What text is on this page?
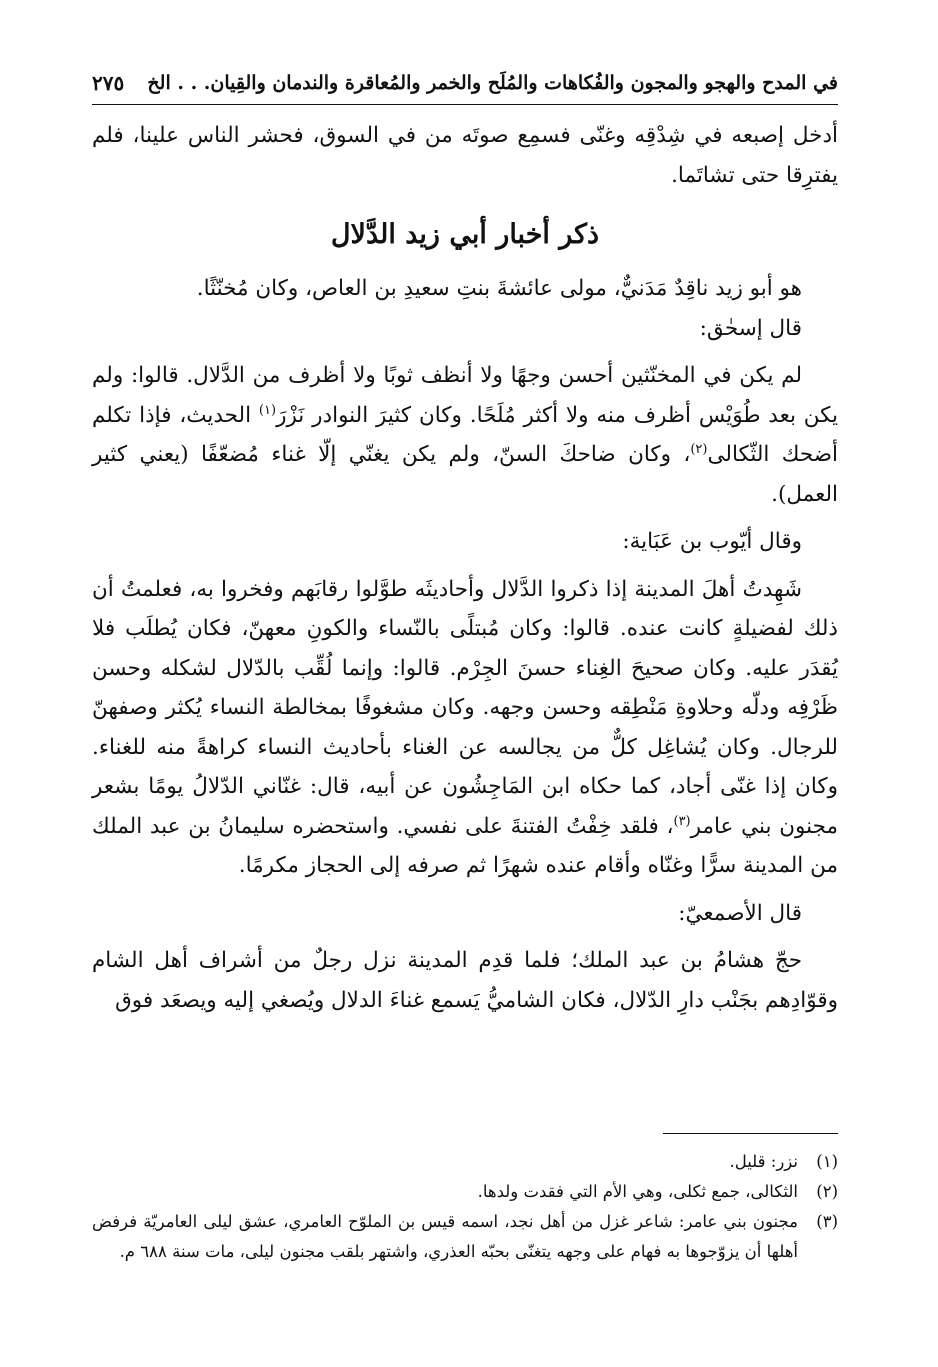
في المدح والهجو والمجون والفُكاهات والمُلَح والخمر والمُعاقرة والندمان والقِيان. . . الخ
٢٧٥

أدخل إصبعه في شِدْقِه وغنّى فسمِع صوتَه من في السوق، فحشر الناس علينا، فلم يفترِقا حتى تشاتَما.

ذكر أخبار أبي زيد الدَّلال

هو أبو زيد ناقِدٌ مَدَنيٌّ، مولى عائشةَ بنتِ سعيدِ بن العاص، وكان مُخنّثًا.

قال إسحٰق:

لم يكن في المخنّثين أحسن وجهًا ولا أنظف ثوبًا ولا أظرف من الدَّلال. قالوا: ولم يكن بعد طُوَيْس أظرف منه ولا أكثر مُلَحًا. وكان كثيرَ النوادر نَزْرَ$^{(١)}$ الحديث، فإذا تكلم أضحك الثّكالى$^{(٢)}$، وكان ضاحكَ السنّ، ولم يكن يغنّي إلّا غناء مُضعّفًا (يعني كثير العمل).

وقال أيّوب بن عَبَاية:

شَهِدتُ أهلَ المدينة إذا ذكروا الدَّلال وأحاديثَه طوَّلوا رقابَهم وفخروا به، فعلمتُ أن ذلك لفضيلةٍ كانت عنده. قالوا: وكان مُبتلًى بالنّساء والكونِ معهنّ، فكان يُطلَب فلا يُقدَر عليه. وكان صحيحَ الغِناء حسنَ الجِرْم. قالوا: وإنما لُقِّب بالدّلال لشكله وحسن ظَرْفِه ودلّه وحلاوةِ مَنْطِقه وحسن وجهه. وكان مشغوفًا بمخالطة النساء يُكثر وصفهنّ للرجال. وكان يُشاغِل كلٌّ من يجالسه عن الغناء بأحاديث النساء كراهةً منه للغناء. وكان إذا غنّى أجاد، كما حكاه ابن المَاجِشُون عن أبيه، قال: غنّاني الدّلالُ يومًا بشعر مجنون بني عامر$^{(٣)}$، فلقد خِفْتُ الفتنةَ على نفسي. واستحضره سليمانُ بن عبد الملك من المدينة سرًّا وغنّاه وأقام عنده شهرًا ثم صرفه إلى الحجاز مكرمًا.

قال الأصمعيّ:

حجّ هشامُ بن عبد الملك؛ فلما قدِم المدينة نزل رجلٌ من أشراف أهل الشام وقوّادِهم بجَنْب دارِ الدّلال، فكان الشاميُّ يَسمع غناءَ الدلال ويُصغي إليه ويصعَد فوق

(١)
نزر: قليل.
(٢)
الثكالى، جمع ثكلى، وهي الأم التي فقدت ولدها.
(٣)
مجنون بني عامر: شاعر غزل من أهل نجد، اسمه قيس بن الملوّح العامري، عشق ليلى العامريّة فرفض أهلها أن يزوّجوها به فهام على وجهه يتغنّى بحبّه العذري، واشتهر بلقب مجنون ليلى، مات سنة ٦٨٨ م.
